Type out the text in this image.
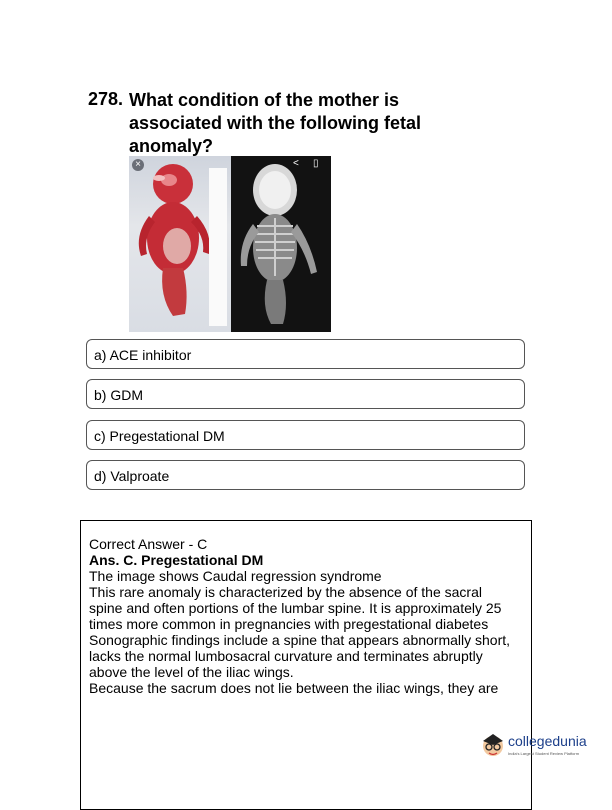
278. What condition of the mother is
associated with the following fetal
anomaly?
×	< ▯
a) ACE inhibitor
b) GDM
c) Pregestational DM
d) Valproate
Correct Answer - C
Ans. C. Pregestational DM
The image shows Caudal regression syndrome
This rare anomaly is characterized by the absence of the sacral
spine and often portions of the lumbar spine. It is approximately 25
times more common in pregnancies with pregestational diabetes
Sonographic findings include a spine that appears abnormally short,
lacks the normal lumbosacral curvature and terminates abruptly
above the level of the iliac wings.
Because the sacrum does not lie between the iliac wings, they are
collegedunia
India's Largest Student Review Platform
